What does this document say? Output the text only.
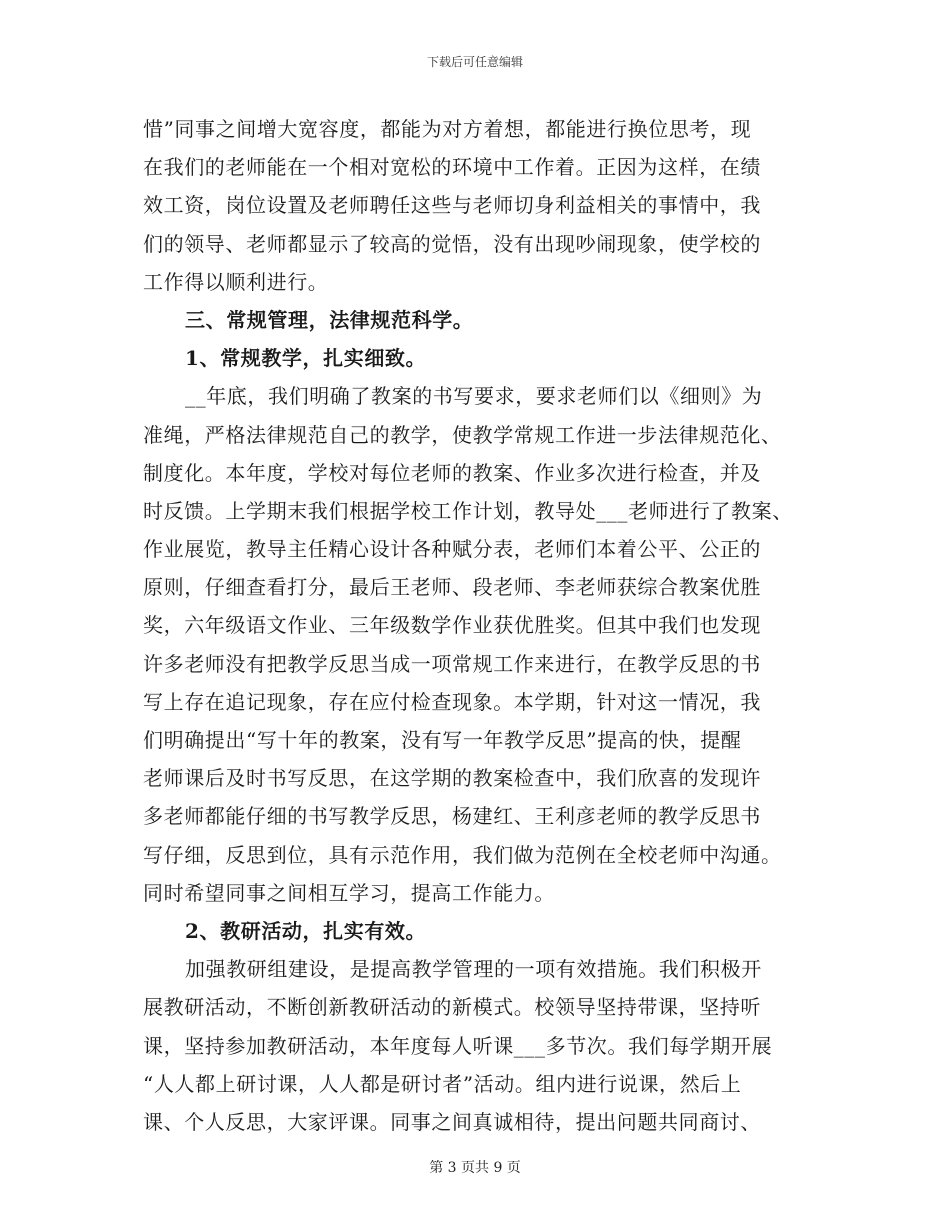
下载后可任意编辑
惜”同事之间增大宽容度，都能为对方着想，都能进行换位思考，现
在我们的老师能在一个相对宽松的环境中工作着。正因为这样，在绩
效工资，岗位设置及老师聘任这些与老师切身利益相关的事情中，我
们的领导、老师都显示了较高的觉悟，没有出现吵闹现象，使学校的
工作得以顺利进行。
三、常规管理，法律规范科学。
1、常规教学，扎实细致。
__年底，我们明确了教案的书写要求，要求老师们以《细则》为
准绳，严格法律规范自己的教学，使教学常规工作进一步法律规范化、
制度化。本年度，学校对每位老师的教案、作业多次进行检查，并及
时反馈。上学期末我们根据学校工作计划，教导处___老师进行了教案、
作业展览，教导主任精心设计各种赋分表，老师们本着公平、公正的
原则，仔细查看打分，最后王老师、段老师、李老师获综合教案优胜
奖，六年级语文作业、三年级数学作业获优胜奖。但其中我们也发现
许多老师没有把教学反思当成一项常规工作来进行，在教学反思的书
写上存在追记现象，存在应付检查现象。本学期，针对这一情况，我
们明确提出“写十年的教案，没有写一年教学反思”提高的快，提醒
老师课后及时书写反思，在这学期的教案检查中，我们欣喜的发现许
多老师都能仔细的书写教学反思，杨建红、王利彦老师的教学反思书
写仔细，反思到位，具有示范作用，我们做为范例在全校老师中沟通。
同时希望同事之间相互学习，提高工作能力。
2、教研活动，扎实有效。
加强教研组建设，是提高教学管理的一项有效措施。我们积极开
展教研活动，不断创新教研活动的新模式。校领导坚持带课，坚持听
课，坚持参加教研活动，本年度每人听课___多节次。我们每学期开展
“人人都上研讨课，人人都是研讨者”活动。组内进行说课，然后上
课、个人反思，大家评课。同事之间真诚相待，提出问题共同商讨、
第 3 页共 9 页
